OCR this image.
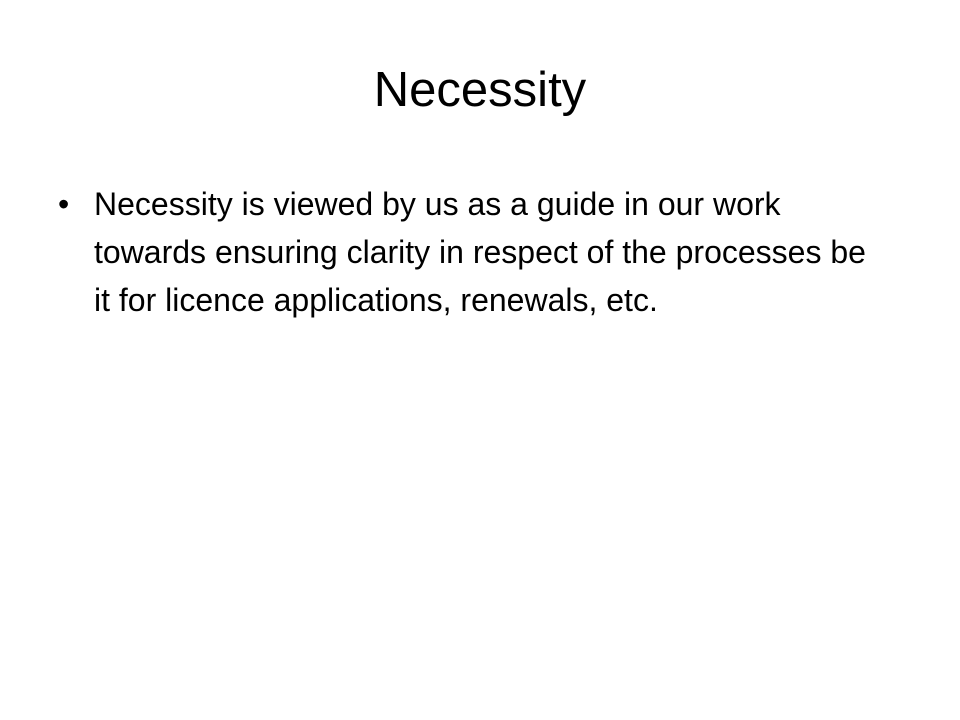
Necessity
• Necessity is viewed by us as a guide in our work towards ensuring clarity in respect of the processes be it for licence applications, renewals, etc.
